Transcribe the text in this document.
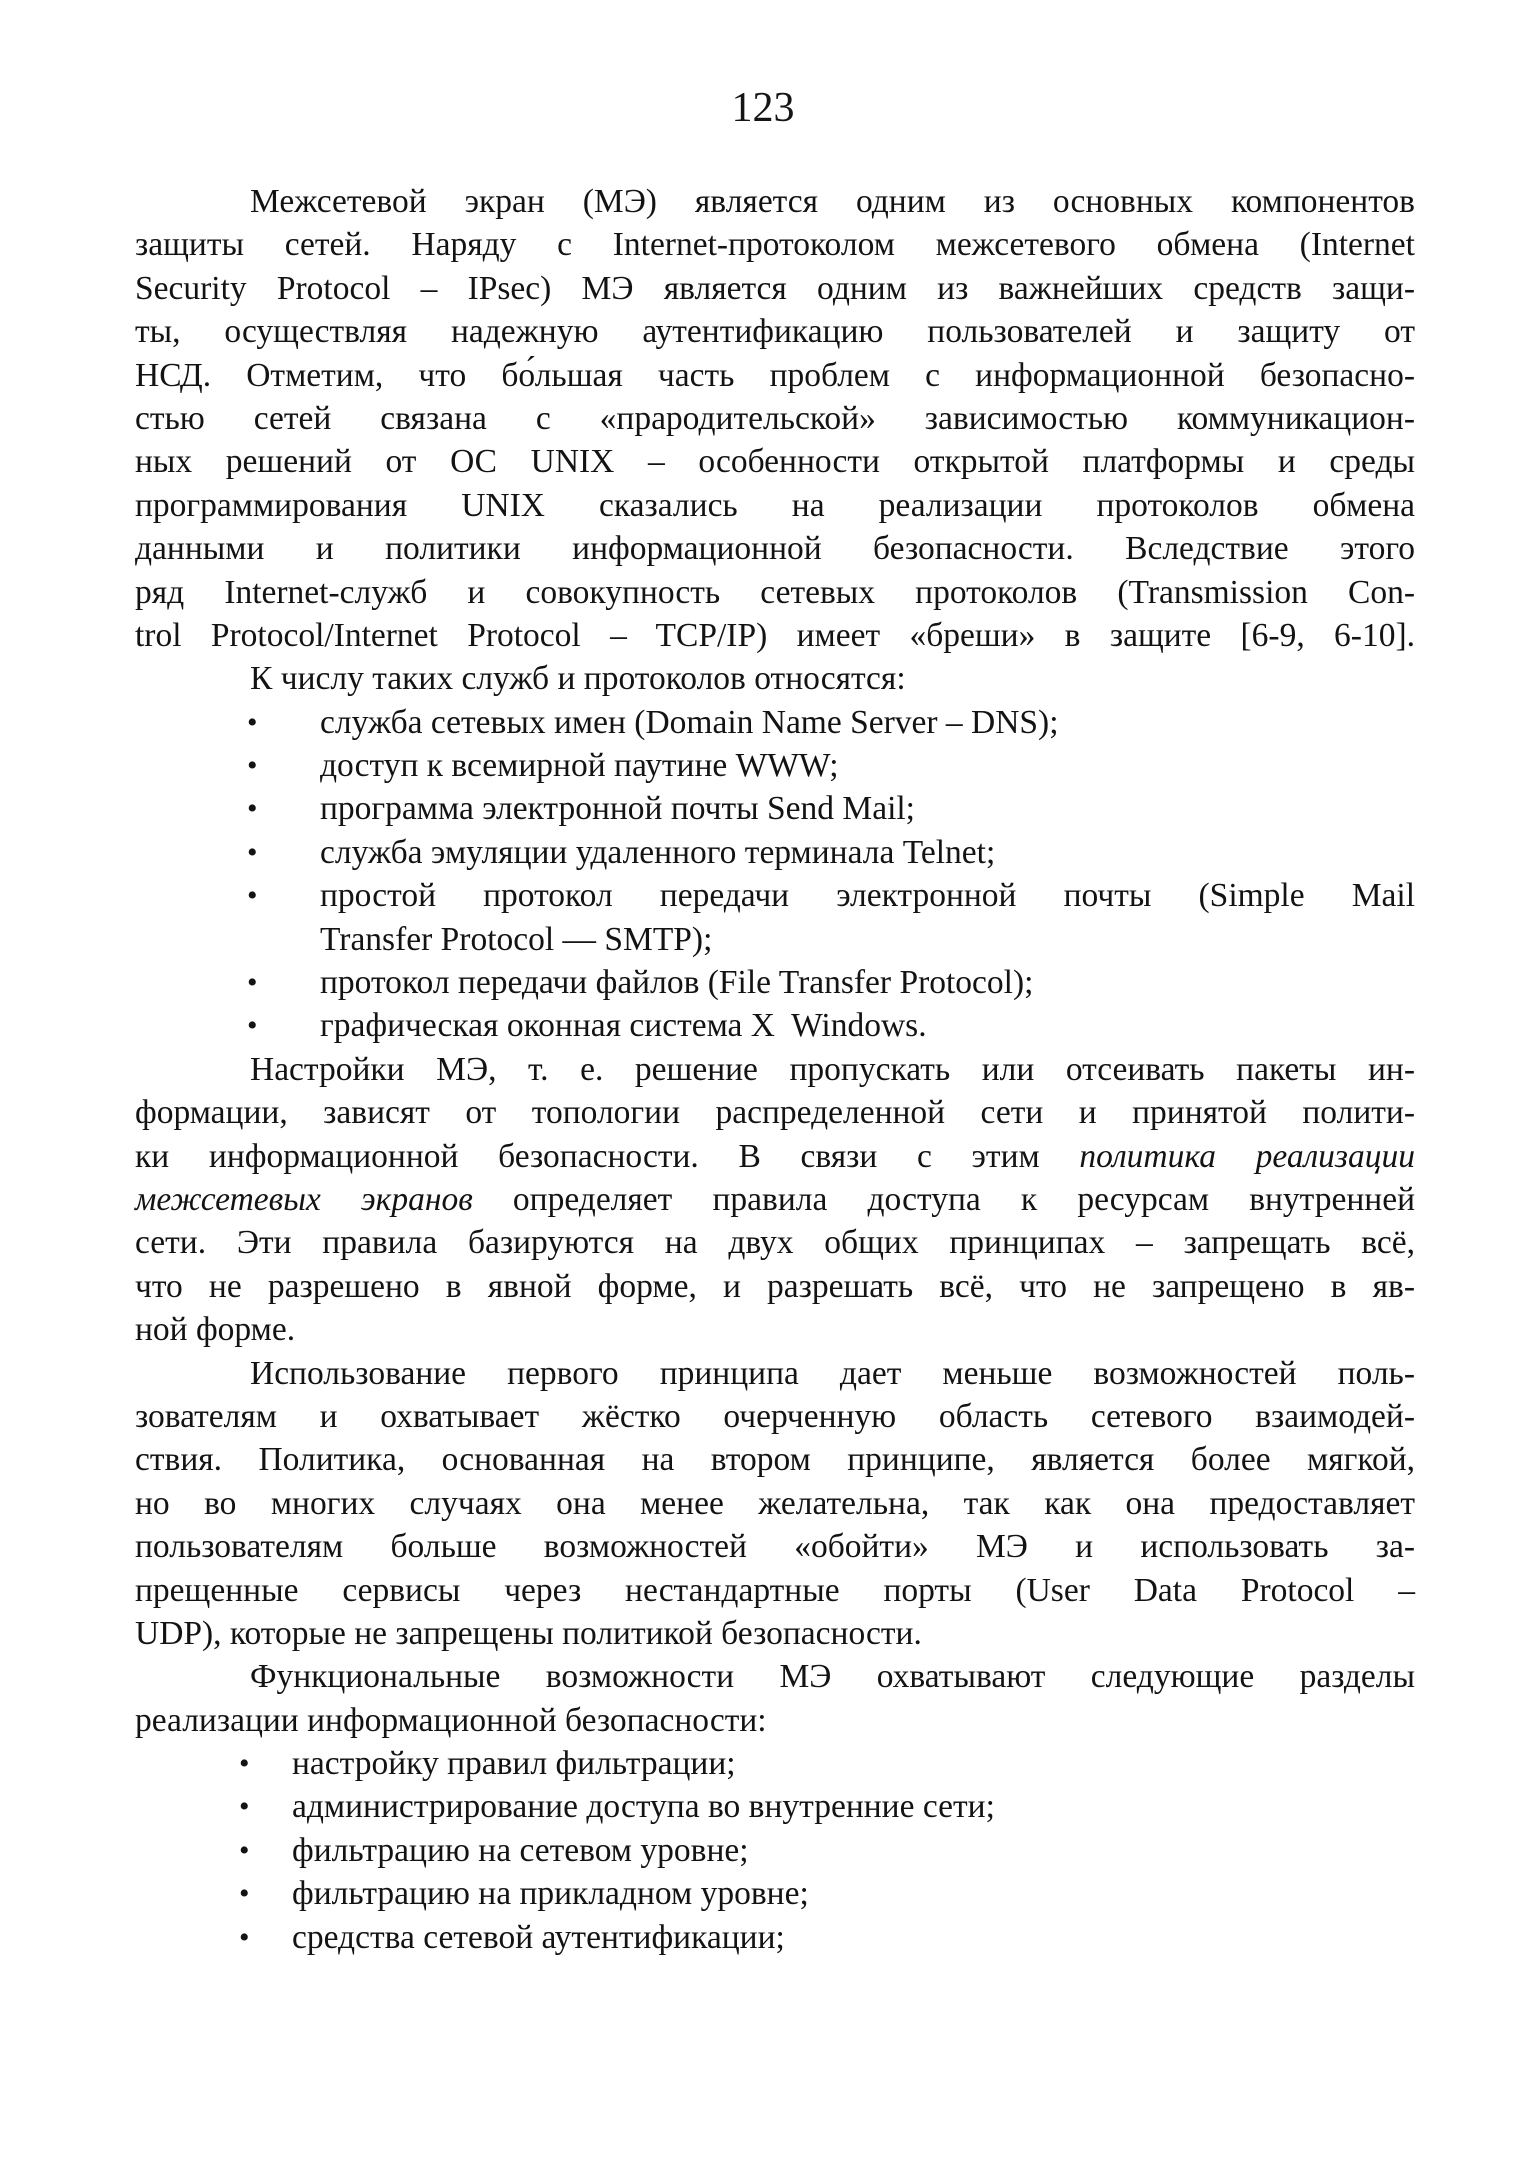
123
Межсетевой экран (МЭ) является одним из основных компонентов
защиты сетей. Наряду с Internet-протоколом межсетевого обмена (Internet
Security Protocol – IPsec) МЭ является одним из важнейших средств защи-
ты, осуществляя надежную аутентификацию пользователей и защиту от
НСД. Отметим, что бо́льшая часть проблем с информационной безопасно-
стью сетей связана с «прародительской» зависимостью коммуникацион-
ных решений от ОС UNIX – особенности открытой платформы и среды
программирования UNIX сказались на реализации протоколов обмена
данными и политики информационной безопасности. Вследствие этого
ряд Internet-служб и совокупность сетевых протоколов (Transmission Con-
trol Protocol/Internet Protocol – TCP/IP) имеет «бреши» в защите [6-9, 6-10].
К числу таких служб и протоколов относятся:
• служба сетевых имен (Domain Name Server – DNS);
• доступ к всемирной паутине WWW;
• программа электронной почты Send Mail;
• служба эмуляции удаленного терминала Telnet;
• простой протокол передачи электронной почты (Simple Mail
Transfer Protocol — SMTP);
• протокол передачи файлов (File Transfer Protocol);
• графическая оконная система X  Windows.
Настройки МЭ, т. е. решение пропускать или отсеивать пакеты ин-
формации, зависят от топологии распределенной сети и принятой полити-
ки информационной безопасности. В связи с этим политика реализации
межсетевых экранов определяет правила доступа к ресурсам внутренней
сети. Эти правила базируются на двух общих принципах – запрещать всё,
что не разрешено в явной форме, и разрешать всё, что не запрещено в яв-
ной форме.
Использование первого принципа дает меньше возможностей поль-
зователям и охватывает жёстко очерченную область сетевого взаимодей-
ствия. Политика, основанная на втором принципе, является более мягкой,
но во многих случаях она менее желательна, так как она предоставляет
пользователям больше возможностей «обойти» МЭ и использовать за-
прещенные сервисы через нестандартные порты (User Data Protocol –
UDP), которые не запрещены политикой безопасности.
Функциональные возможности МЭ охватывают следующие разделы
реализации информационной безопасности:
• настройку правил фильтрации;
• администрирование доступа во внутренние сети;
• фильтрацию на сетевом уровне;
• фильтрацию на прикладном уровне;
• средства сетевой аутентификации;
